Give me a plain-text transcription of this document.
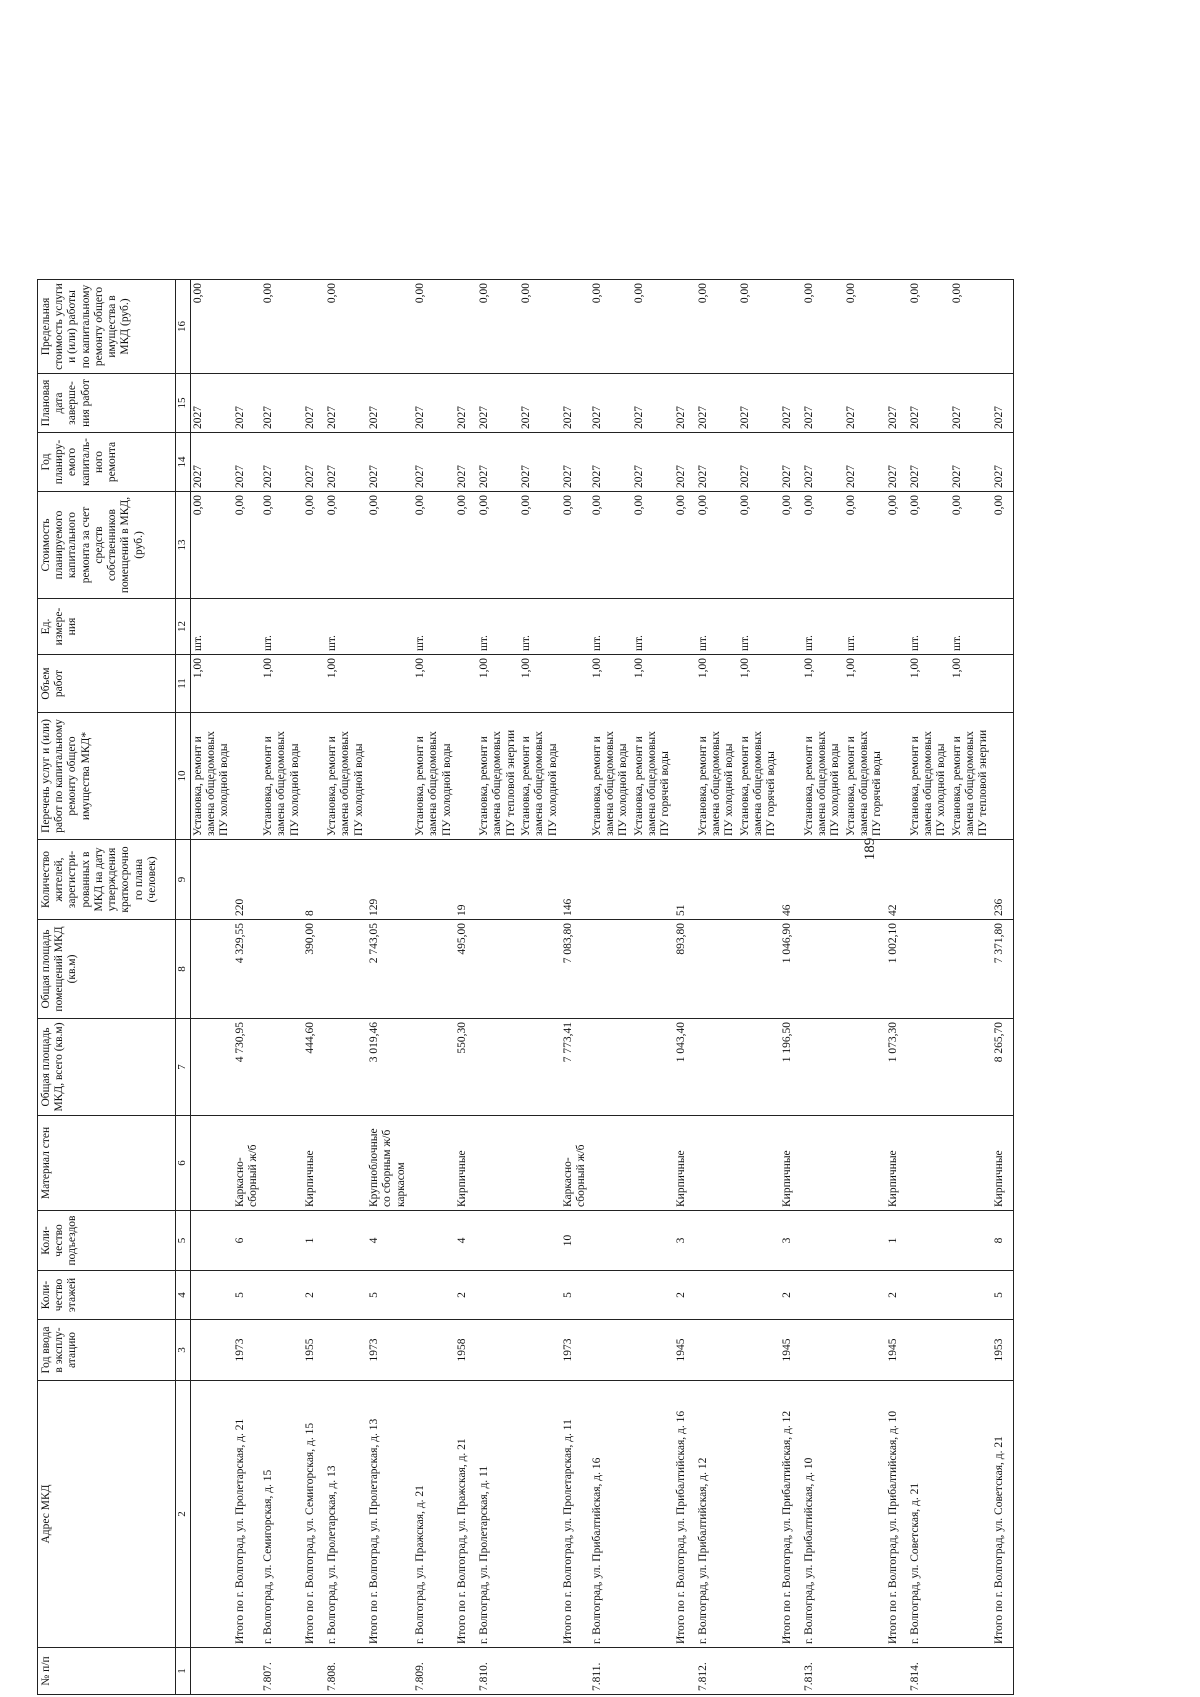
189
№ п/п	Адрес МКД	Год ввода в эксплу-атацию	Коли-чество этажей	Коли-чество подъездов	Материал стен	Общая площадь МКД, всего (кв.м)	Общая площадь помещений МКД (кв.м)	Количество жителей, зарегистри-рованных в МКД на дату утверждения краткосрочно го плана (человек)	Перечень услуг и (или) работ по капитальному ремонту общего имущества МКД*	Объем работ	Ед. измере-ния	Стоимость планируемого капитального ремонта за счет средств собственников помещений в МКД, (руб.)	Год планиру-емого капиталь-ного ремонта	Плановая дата заверше-ния работ	Предельная стоимость услуги и (или) работы по капитальному ремонту общего имущества в МКД (руб.)
1	2	3	4	5	6	7	8	9	10	11	12	13	14	15	16
									Установка, ремонт и замена общедомовых ПУ холодной воды	1,00	шт.	0,00	2027	2027	0,00
	Итого по г. Волгоград, ул. Пролетарская, д. 21	1973	5	6	Каркасно-сборный ж/б	4 730,95	4 329,55	220				0,00	2027	2027	
7.807.	г. Волгоград, ул. Семигорская, д. 15								Установка, ремонт и замена общедомовых ПУ холодной воды	1,00	шт.	0,00	2027	2027	0,00
	Итого по г. Волгоград, ул. Семигорская, д. 15	1955	2	1	Кирпичные	444,60	390,00	8				0,00	2027	2027	
7.808.	г. Волгоград, ул. Пролетарская, д. 13								Установка, ремонт и замена общедомовых ПУ холодной воды	1,00	шт.	0,00	2027	2027	0,00
	Итого по г. Волгоград, ул. Пролетарская, д. 13	1973	5	4	Крупноблочные со сборным ж/б каркасом	3 019,46	2 743,05	129				0,00	2027	2027	
7.809.	г. Волгоград, ул. Пражская, д. 21								Установка, ремонт и замена общедомовых ПУ холодной воды	1,00	шт.	0,00	2027	2027	0,00
	Итого по г. Волгоград, ул. Пражская, д. 21	1958	2	4	Кирпичные	550,30	495,00	19				0,00	2027	2027	
7.810.	г. Волгоград, ул. Пролетарская, д. 11								Установка, ремонт и замена общедомовых ПУ тепловой энергии	1,00	шт.	0,00	2027	2027	0,00
									Установка, ремонт и замена общедомовых ПУ холодной воды	1,00	шт.	0,00	2027	2027	0,00
	Итого по г. Волгоград, ул. Пролетарская, д. 11	1973	5	10	Каркасно-сборный ж/б	7 773,41	7 083,80	146				0,00	2027	2027	
7.811.	г. Волгоград, ул. Прибалтийская, д. 16								Установка, ремонт и замена общедомовых ПУ холодной воды	1,00	шт.	0,00	2027	2027	0,00
									Установка, ремонт и замена общедомовых ПУ горячей воды	1,00	шт.	0,00	2027	2027	0,00
	Итого по г. Волгоград, ул. Прибалтийская, д. 16	1945	2	3	Кирпичные	1 043,40	893,80	51				0,00	2027	2027	
7.812.	г. Волгоград, ул. Прибалтийская, д. 12								Установка, ремонт и замена общедомовых ПУ холодной воды	1,00	шт.	0,00	2027	2027	0,00
									Установка, ремонт и замена общедомовых ПУ горячей воды	1,00	шт.	0,00	2027	2027	0,00
	Итого по г. Волгоград, ул. Прибалтийская, д. 12	1945	2	3	Кирпичные	1 196,50	1 046,90	46				0,00	2027	2027	
7.813.	г. Волгоград, ул. Прибалтийская, д. 10								Установка, ремонт и замена общедомовых ПУ холодной воды	1,00	шт.	0,00	2027	2027	0,00
									Установка, ремонт и замена общедомовых ПУ горячей воды	1,00	шт.	0,00	2027	2027	0,00
	Итого по г. Волгоград, ул. Прибалтийская, д. 10	1945	2	1	Кирпичные	1 073,30	1 002,10	42				0,00	2027	2027	
7.814.	г. Волгоград, ул. Советская, д. 21								Установка, ремонт и замена общедомовых ПУ холодной воды	1,00	шт.	0,00	2027	2027	0,00
									Установка, ремонт и замена общедомовых ПУ тепловой энергии	1,00	шт.	0,00	2027	2027	0,00
	Итого по г. Волгоград, ул. Советская, д. 21	1953	5	8	Кирпичные	8 265,70	7 371,80	236				0,00	2027	2027	
